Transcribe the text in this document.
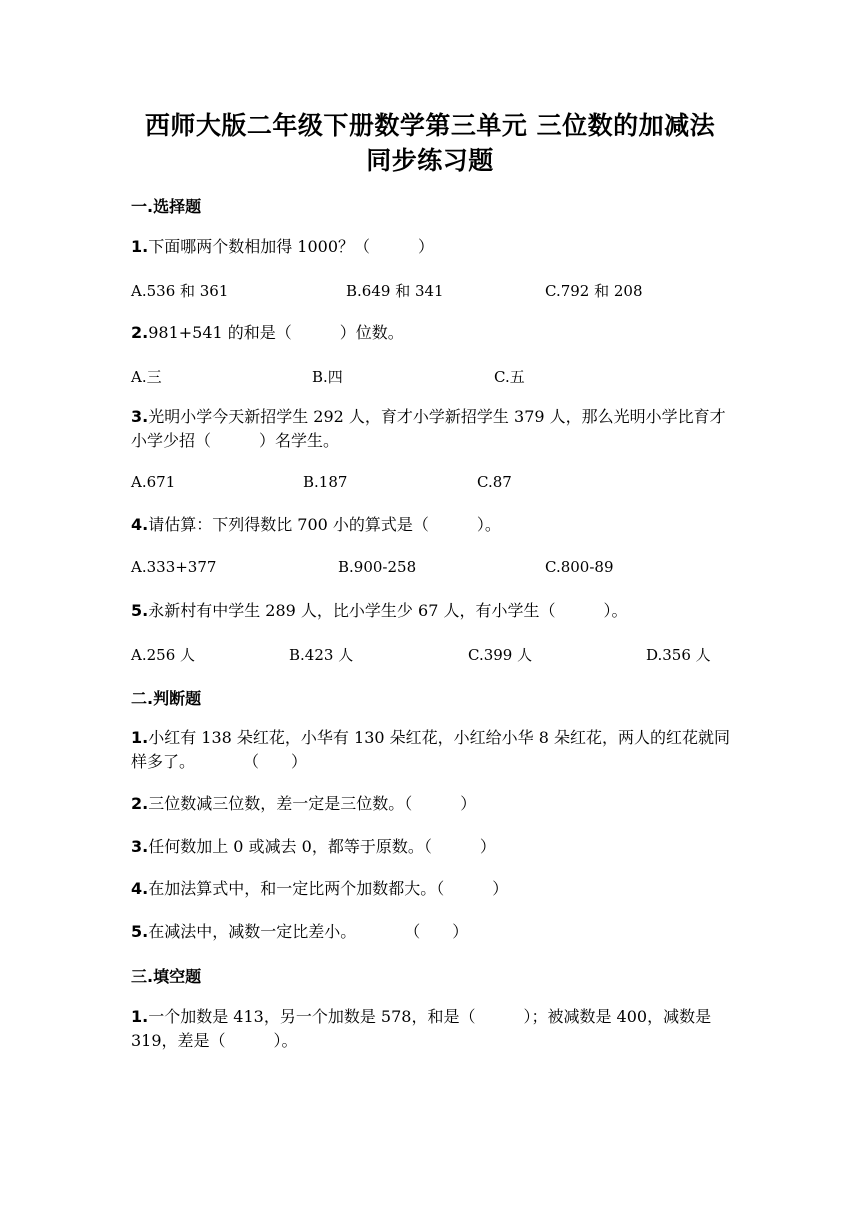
西师大版二年级下册数学第三单元 三位数的加减法
同步练习题
一.选择题
1.下面哪两个数相加得 1000？（　　　）
A.536 和 361	B.649 和 341	C.792 和 208
2.981+541 的和是（　　　）位数。
A.三	B.四	C.五
3.光明小学今天新招学生 292 人，育才小学新招学生 379 人，那么光明小学比育才小学少招（　　　）名学生。
A.671	B.187	C.87
4.请估算：下列得数比 700 小的算式是（　　　）。
A.333+377	B.900-258	C.800-89
5.永新村有中学生 289 人，比小学生少 67 人，有小学生（　　　）。
A.256 人	B.423 人	C.399 人	D.356 人
二.判断题
1.小红有 138 朵红花，小华有 130 朵红花，小红给小华 8 朵红花，两人的红花就同样多了。　　　　（　　）
2.三位数减三位数，差一定是三位数。（　　　）
3.任何数加上 0 或减去 0，都等于原数。（　　　）
4.在加法算式中，和一定比两个加数都大。（　　　）
5.在减法中，减数一定比差小。　　　　（　　）
三.填空题
1.一个加数是 413，另一个加数是 578，和是（　　　）；被减数是 400，减数是 319，差是（　　　）。
